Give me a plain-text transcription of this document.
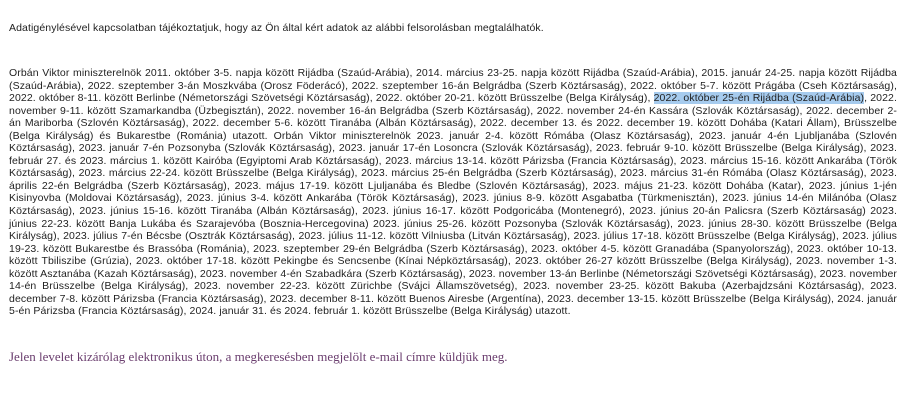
Adatigénylésével kapcsolatban tájékoztatjuk, hogy az Ön által kért adatok az alábbi felsorolásban megtalálhatók.

Orbán Viktor miniszterelnök 2011. október 3-5. napja között Rijádba (Szaúd-Arábia), 2014. március 23-25. napja között Rijádba (Szaúd-Arábia), 2015. január 24-25. napja között Rijádba (Szaúd-Arábia), 2022. szeptember 3-án Moszkvába (Orosz Föderácó), 2022. szeptember 16-án Belgrádba (Szerb Köztársaság), 2022. október 5-7. között Prágába (Cseh Köztársaság), 2022. október 8-11. között Berlinbe (Németországi Szövetségi Köztársaság), 2022. október 20-21. között Brüsszelbe (Belga Királyság), 2022. október 25-én Rijádba (Szaúd-Arábia), 2022. november 9-11. között Szamarkandba (Üzbegisztán), 2022. november 16-án Belgrádba (Szerb Köztársaság), 2022. november 24-én Kassára (Szlovák Köztársaság), 2022. december 2-án Mariborba (Szlovén Köztársaság), 2022. december 5-6. között Tiranába (Albán Köztársaság), 2022. december 13. és 2022. december 19. között Dohába (Katari Állam), Brüsszelbe (Belga Királyság) és Bukarestbe (Románia) utazott. Orbán Viktor miniszterelnök 2023. január 2-4. között Rómába (Olasz Köztársaság), 2023. január 4-én Ljubljanába (Szlovén Köztársaság), 2023. január 7-én Pozsonyba (Szlovák Köztársaság), 2023. január 17-én Losoncra (Szlovák Köztársaság), 2023. február 9-10. között Brüsszelbe (Belga Királyság), 2023. február 27. és 2023. március 1. között Kairóba (Egyiptomi Arab Köztársaság), 2023. március 13-14. között Párizsba (Francia Köztársaság), 2023. március 15-16. között Ankarába (Török Köztársaság), 2023. március 22-24. között Brüsszelbe (Belga Királyság), 2023. március 25-én Belgrádba (Szerb Köztársaság), 2023. március 31-én Rómába (Olasz Köztársaság), 2023. április 22-én Belgrádba (Szerb Köztársaság), 2023. május 17-19. között Ljuljanába és Bledbe (Szlovén Köztársaság), 2023. május 21-23. között Dohába (Katar), 2023. június 1-jén Kisinyovba (Moldovai Köztársaság), 2023. június 3-4. között Ankarába (Török Köztársaság), 2023. június 8-9. között Asgabatba (Türkmenisztán), 2023. június 14-én Milánóba (Olasz Köztársaság), 2023. június 15-16. között Tiranába (Albán Köztársaság), 2023. június 16-17. között Podgoricába (Montenegró), 2023. június 20-án Palicsra (Szerb Köztársaság) 2023. június 22-23. között Banja Lukába és Szarajevóba (Bosznia-Hercegovina) 2023. június 25-26. között Pozsonyba (Szlovák Köztársaság), 2023. június 28-30. között Brüsszelbe (Belga Királyság), 2023. július 7-én Bécsbe (Osztrák Köztársaság), 2023. július 11-12. között Vilniusba (Litván Köztársaság), 2023. július 17-18. között Brüsszelbe (Belga Királyság), 2023. július 19-23. között Bukarestbe és Brassóba (Románia), 2023. szeptember 29-én Belgrádba (Szerb Köztársaság), 2023. október 4-5. között Granadába (Spanyolország), 2023. október 10-13. között Tbiliszibe (Grúzia), 2023. október 17-18. között Pekingbe és Sencsenbe (Kínai Népköztársaság), 2023. október 26-27 között Brüsszelbe (Belga Királyság), 2023. november 1-3. között Asztanába (Kazah Köztársaság), 2023. november 4-én Szabadkára (Szerb Köztársaság), 2023. november 13-án Berlinbe (Németországi Szövetségi Köztársaság), 2023. november 14-én Brüsszelbe (Belga Királyság), 2023. november 22-23. között Zürichbe (Svájci Államszövetség), 2023. november 23-25. között Bakuba (Azerbajdzsáni Köztársaság), 2023. december 7-8. között Párizsba (Francia Köztársaság), 2023. december 8-11. között Buenos Airesbe (Argentína), 2023. december 13-15. között Brüsszelbe (Belga Királyság), 2024. január 5-én Párizsba (Francia Köztársaság), 2024. január 31. és 2024. február 1. között Brüsszelbe (Belga Királyság) utazott.

Jelen levelet kizárólag elektronikus úton, a megkeresésben megjelölt e-mail címre küldjük meg.
